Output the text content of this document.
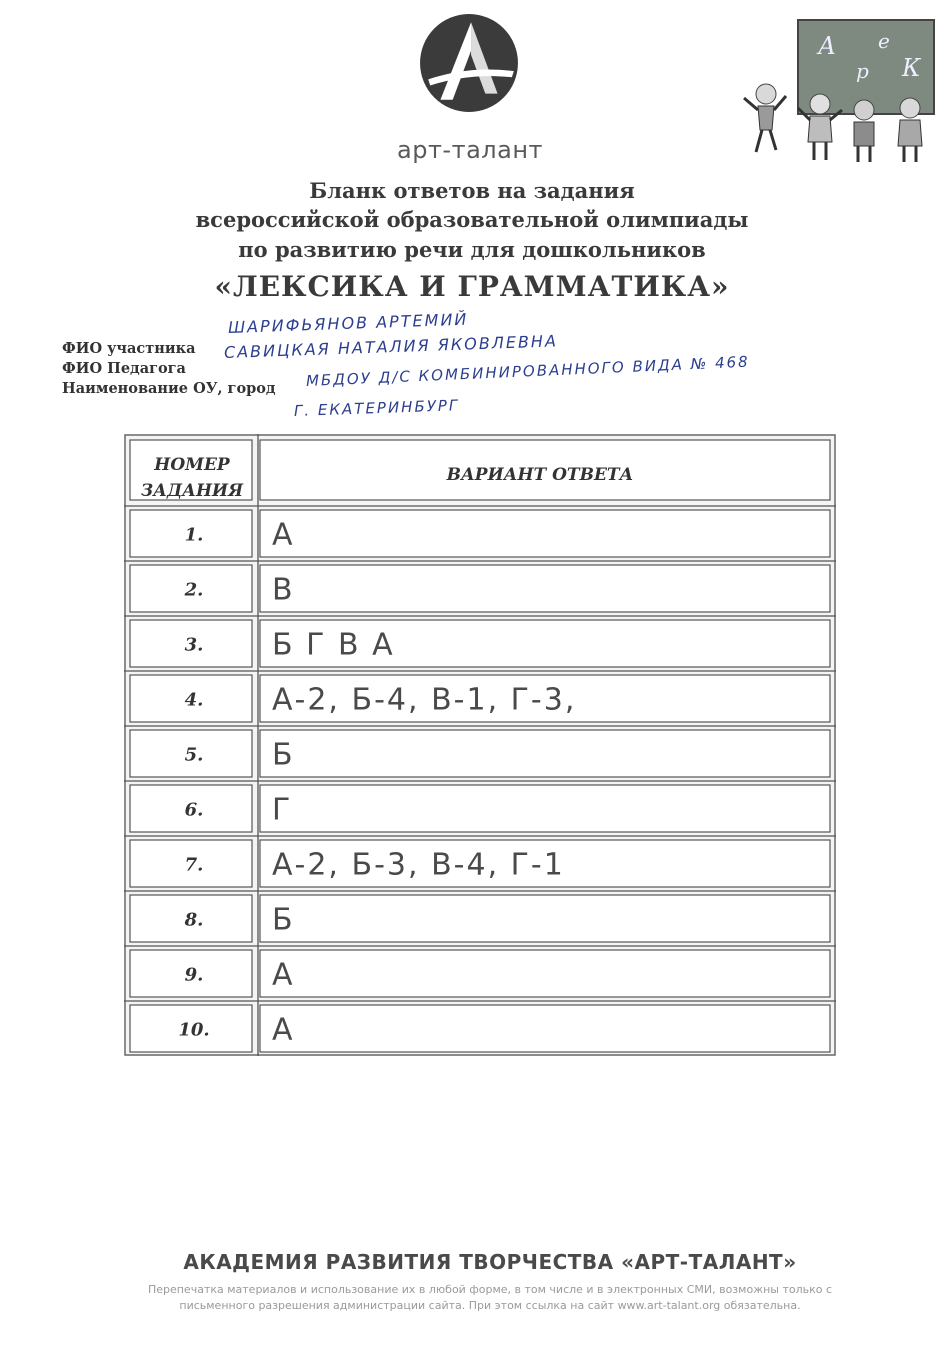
арт-талант
А
р
е
К
Бланк ответов на задания
всероссийской образовательной олимпиады
по развитию речи для дошкольников
«ЛЕКСИКА И ГРАММАТИКА»
ФИО участника
ФИО Педагога
Наименование ОУ, город
ШАРИФЬЯНОВ АРТЕМИЙ
САВИЦКАЯ НАТАЛИЯ ЯКОВЛЕВНА
МБДОУ Д/С КОМБИНИРОВАННОГО ВИДА № 468
Г. ЕКАТЕРИНБУРГ
НОМЕР
ЗАДАНИЯ
ВАРИАНТ ОТВЕТА
1. А
2. В
3. Б Г В А
4. А-2, Б-4, В-1, Г-3,
5. Б
6. Г
7. А-2, Б-3, В-4, Г-1
8. Б
9. А
10. А
АКАДЕМИЯ РАЗВИТИЯ ТВОРЧЕСТВА «АРТ-ТАЛАНТ»
Перепечатка материалов и использование их в любой форме, в том числе и в электронных СМИ, возможны только с
письменного разрешения администрации сайта. При этом ссылка на сайт www.art-talant.org обязательна.
